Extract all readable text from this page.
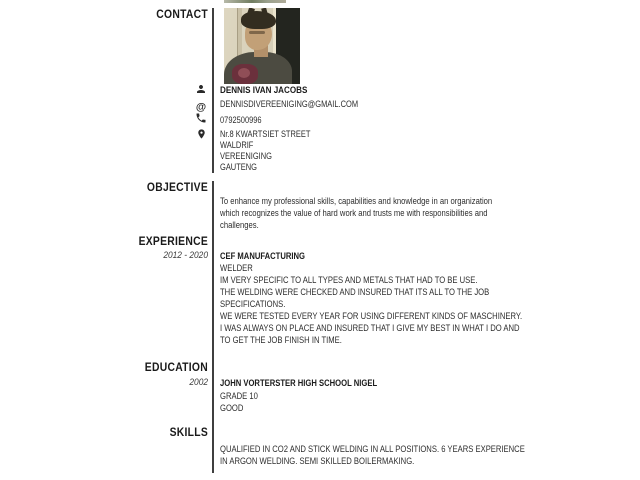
CONTACT
OBJECTIVE
EXPERIENCE
EDUCATION
SKILLS
2012 - 2020
2002
@
DENNIS IVAN JACOBS
DENNISDIVEREENIGING@GMAIL.COM
0792500996
Nr.8 KWARTSIET STREET
WALDRIF
VEREENIGING
GAUTENG
To enhance my professional skills, capabilities and knowledge in an organization
which recognizes the value of hard work and trusts me with responsibilities and
challenges.
CEF MANUFACTURING
WELDER
IM VERY SPECIFIC TO ALL TYPES AND METALS THAT HAD TO BE USE.
THE WELDING WERE CHECKED AND INSURED THAT ITS ALL TO THE JOB
SPECIFICATIONS.
WE WERE TESTED EVERY YEAR FOR USING DIFFERENT KINDS OF MASCHINERY.
I WAS ALWAYS ON PLACE AND INSURED THAT I GIVE MY BEST IN WHAT I DO AND
TO GET THE JOB FINISH IN TIME.
JOHN VORTERSTER HIGH SCHOOL NIGEL
GRADE 10
GOOD
QUALIFIED IN CO2 AND STICK WELDING IN ALL POSITIONS. 6 YEARS EXPERIENCE
IN ARGON WELDING. SEMI SKILLED BOILERMAKING.
